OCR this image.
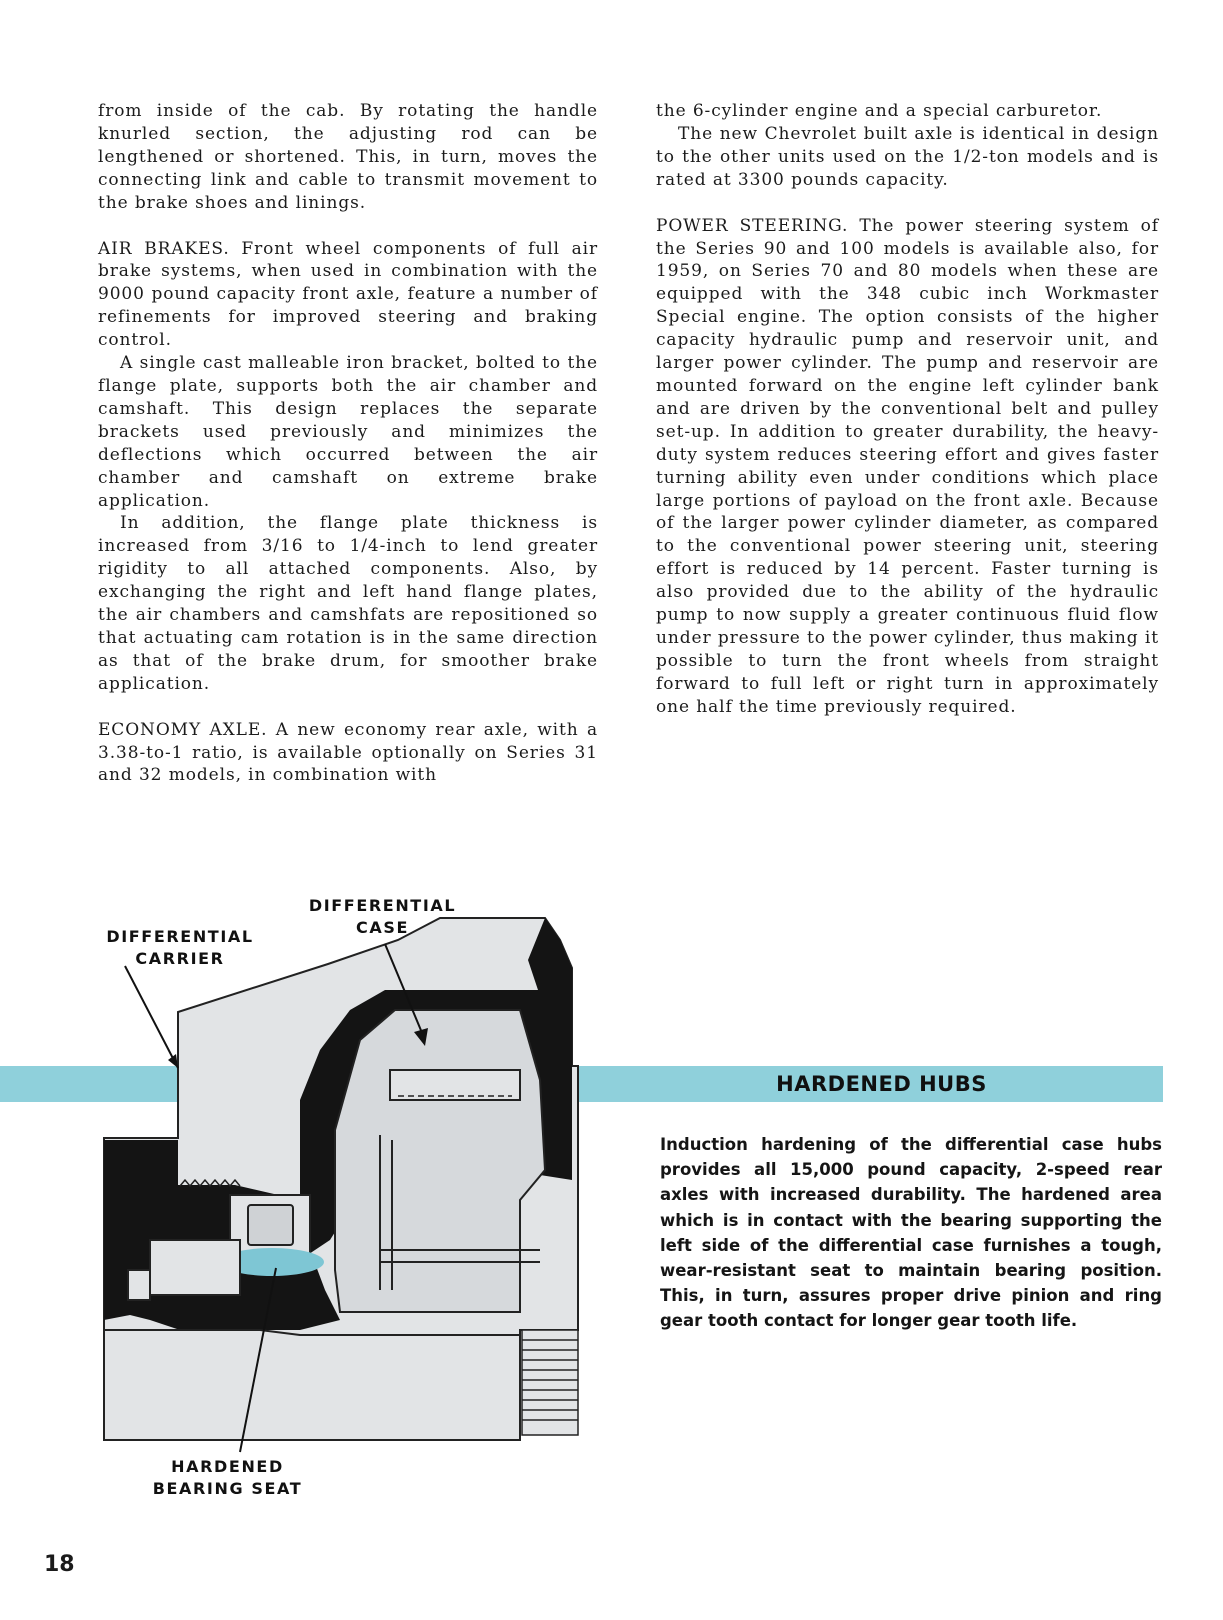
from inside of the cab. By rotating the handle knurled section, the adjusting rod can be lengthened or shortened. This, in turn, moves the connecting link and cable to transmit movement to the brake shoes and linings.

AIR BRAKES. Front wheel components of full air brake systems, when used in combination with the 9000 pound capacity front axle, feature a number of refinements for improved steering and braking control.

A single cast malleable iron bracket, bolted to the flange plate, supports both the air chamber and camshaft. This design replaces the separate brackets used previously and minimizes the deflections which occurred between the air chamber and camshaft on extreme brake application.

In addition, the flange plate thickness is increased from 3/16 to 1/4-inch to lend greater rigidity to all attached components. Also, by exchanging the right and left hand flange plates, the air chambers and camshfats are repositioned so that actuating cam rotation is in the same direction as that of the brake drum, for smoother brake application.

ECONOMY AXLE. A new economy rear axle, with a 3.38-to-1 ratio, is available optionally on Series 31 and 32 models, in combination with

the 6-cylinder engine and a special carburetor.

The new Chevrolet built axle is identical in design to the other units used on the 1/2-ton models and is rated at 3300 pounds capacity.

POWER STEERING. The power steering system of the Series 90 and 100 models is available also, for 1959, on Series 70 and 80 models when these are equipped with the 348 cubic inch Workmaster Special engine. The option consists of the higher capacity hydraulic pump and reservoir unit, and larger power cylinder. The pump and reservoir are mounted forward on the engine left cylinder bank and are driven by the conventional belt and pulley set-up. In addition to greater durability, the heavy-duty system reduces steering effort and gives faster turning ability even under conditions which place large portions of payload on the front axle. Because of the larger power cylinder diameter, as compared to the conventional power steering unit, steering effort is reduced by 14 percent. Faster turning is also provided due to the ability of the hydraulic pump to now supply a greater continuous fluid flow under pressure to the power cylinder, thus making it possible to turn the front wheels from straight forward to full left or right turn in approximately one half the time previously required.

DIFFERENTIAL
CARRIER
DIFFERENTIAL
CASE
HARDENED
BEARING SEAT
HARDENED HUBS
Induction hardening of the differential case hubs provides all 15,000 pound capacity, 2-speed rear axles with increased durability. The hardened area which is in contact with the bearing supporting the left side of the differential case furnishes a tough, wear-resistant seat to maintain bearing position. This, in turn, assures proper drive pinion and ring gear tooth contact for longer gear tooth life.
18
